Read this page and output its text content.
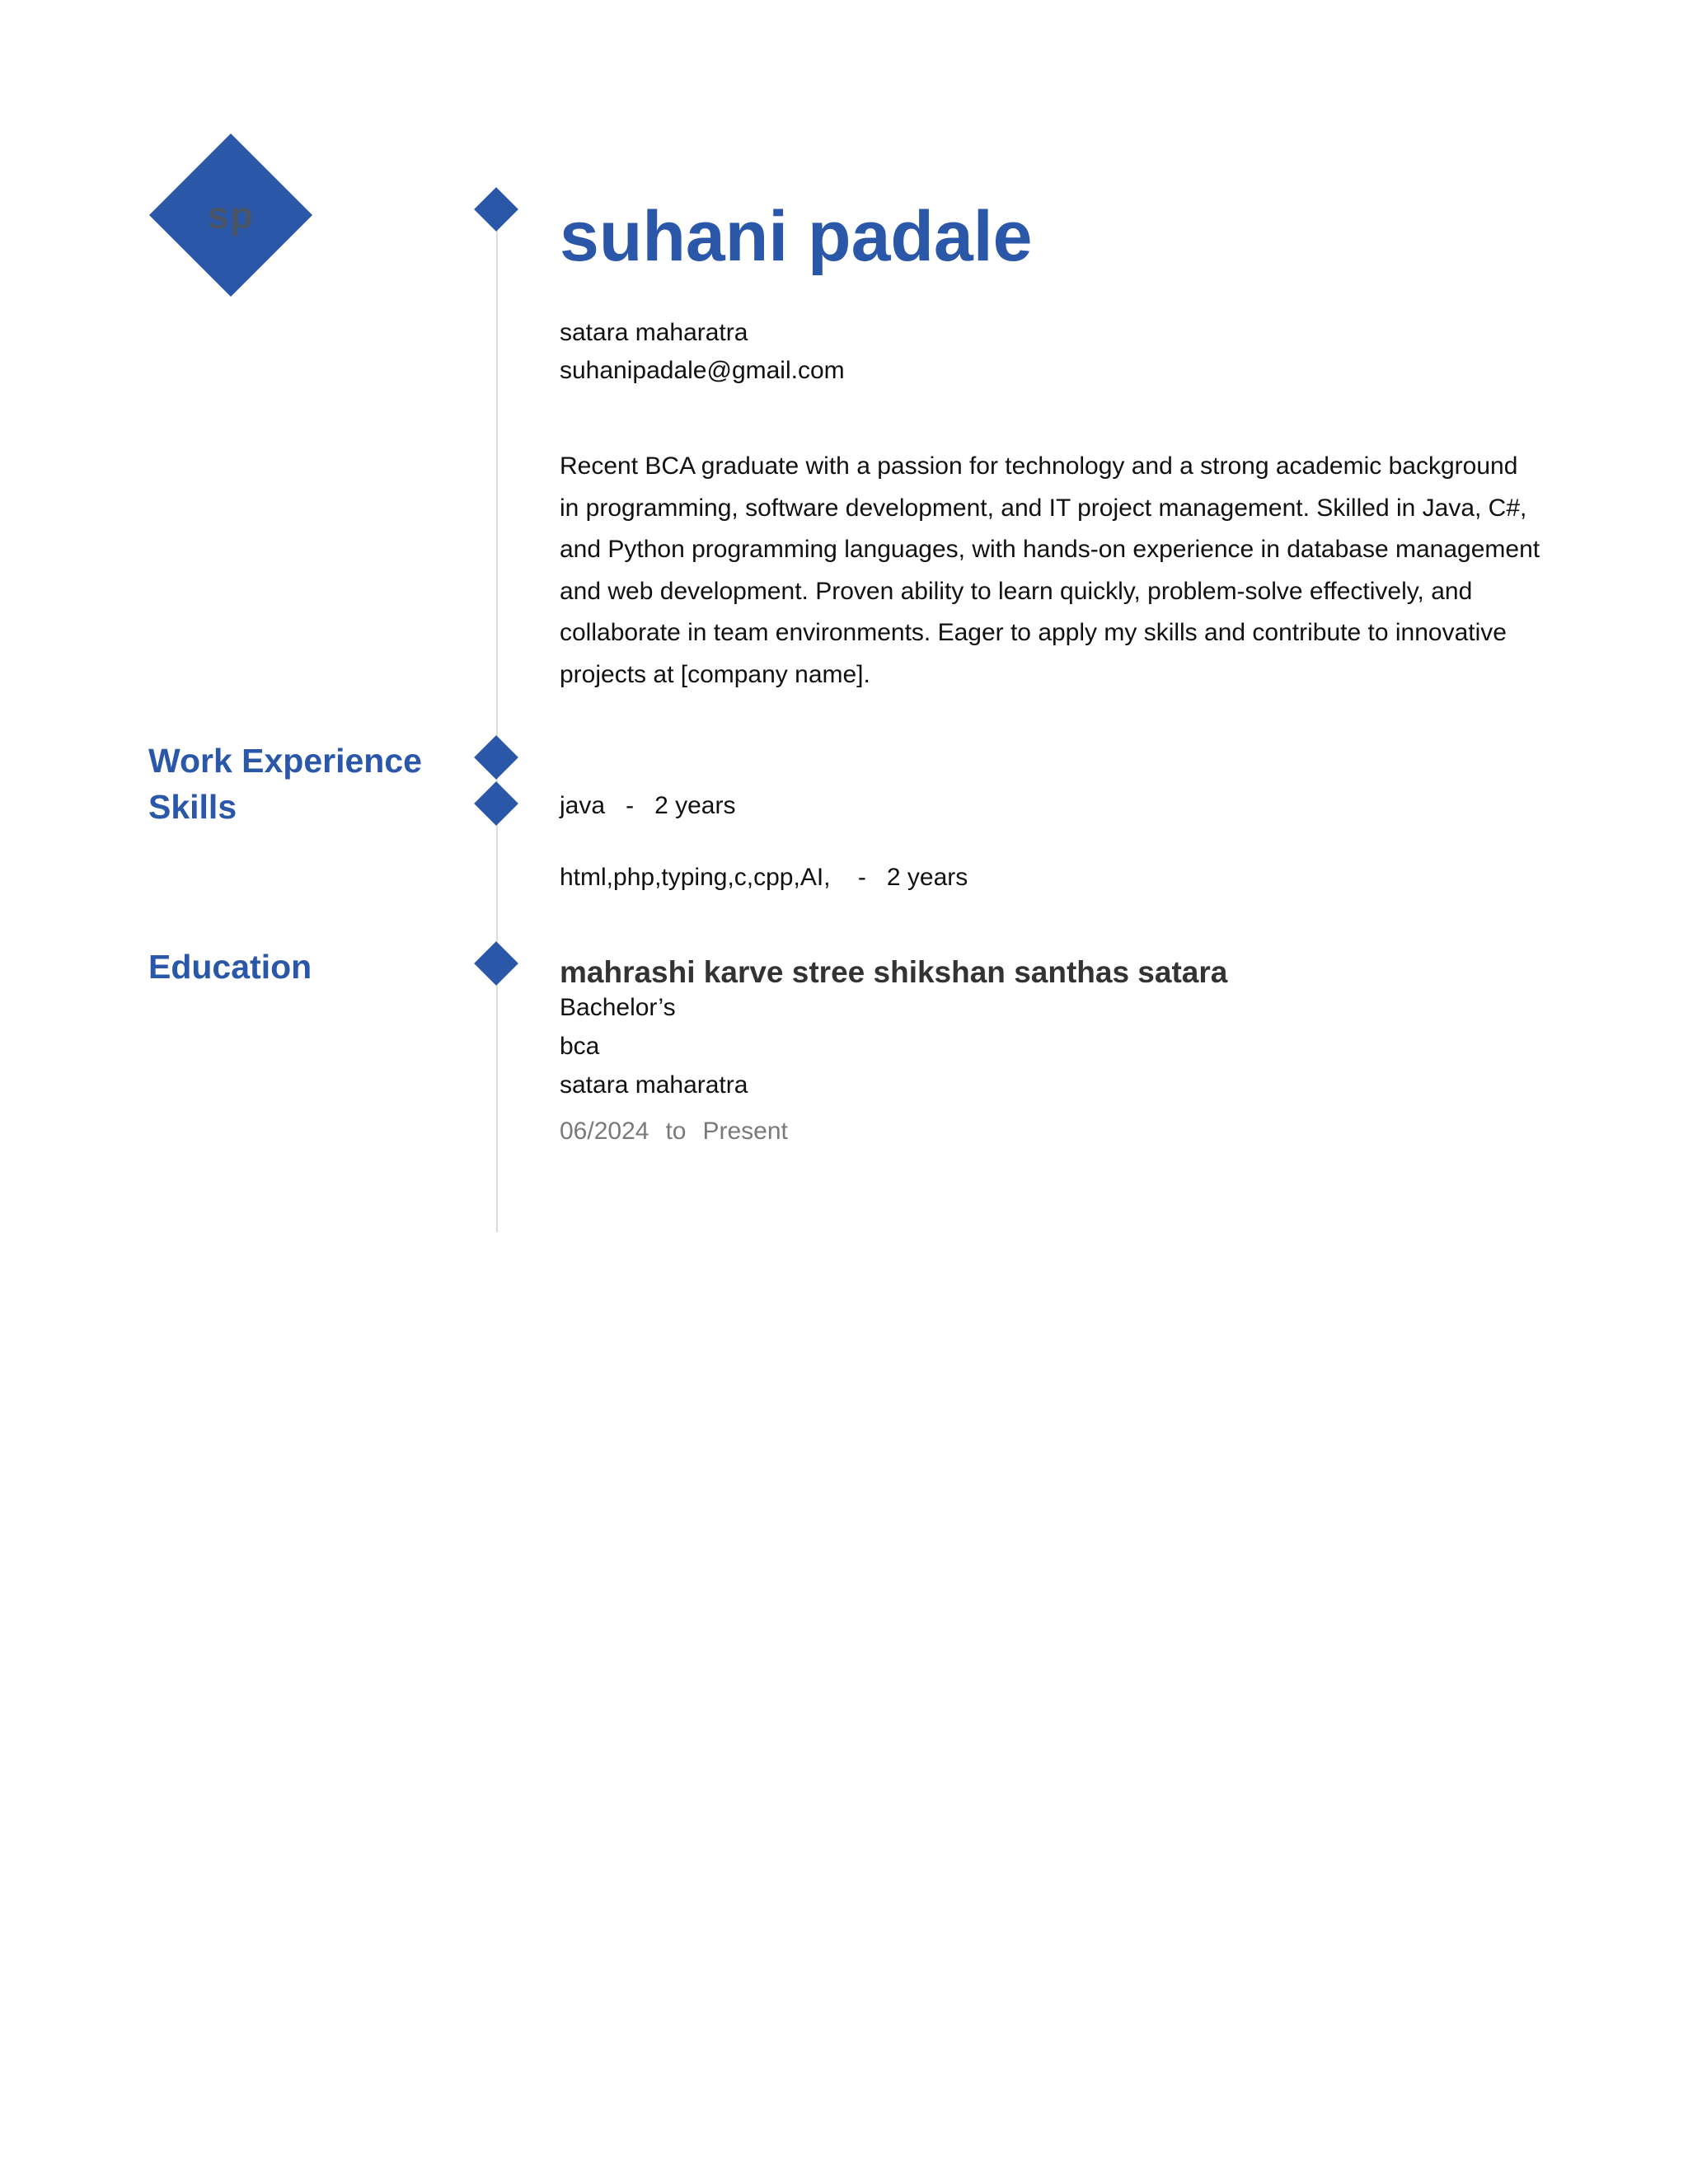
sp	suhani padale
satara maharatra
suhanipadale@gmail.com
Recent BCA graduate with a passion for technology and a strong academic background in programming, software development, and IT project management. Skilled in Java, C#, and Python programming languages, with hands-on experience in database management and web development. Proven ability to learn quickly, problem-solve effectively, and collaborate in team environments. Eager to apply my skills and contribute to innovative projects at [company name].
Work Experience
Skills
Education
java - 2 years
html,php,typing,c,cpp,AI, - 2 years
mahrashi karve stree shikshan santhas satara
Bachelor’s
bca
satara maharatra
06/2024 to Present
